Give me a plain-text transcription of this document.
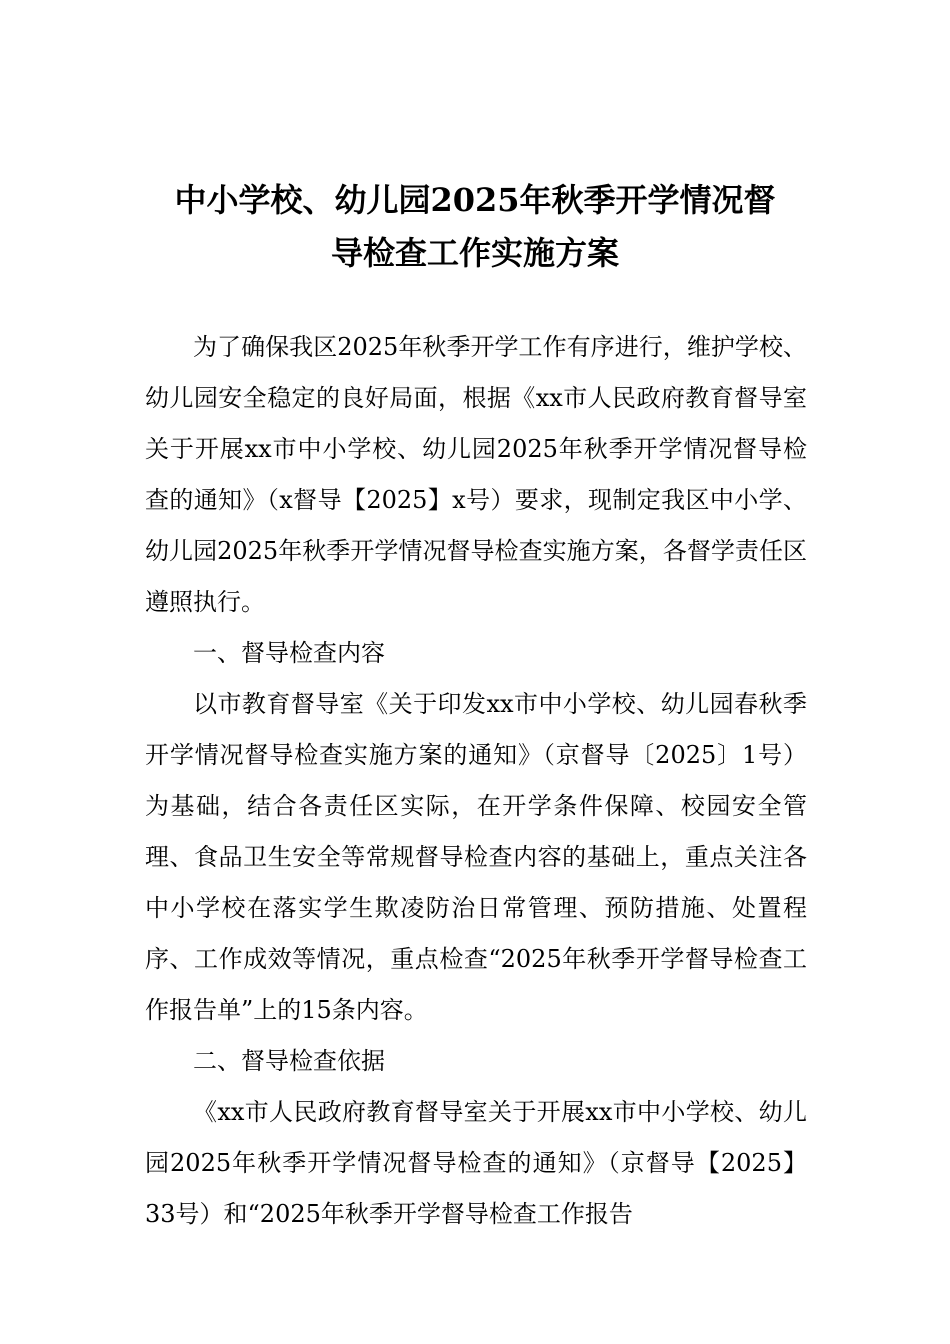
中小学校、幼儿园2025年秋季开学情况督
导检查工作实施方案

为了确保我区2025年秋季开学工作有序进行，维护学校、幼儿园安全稳定的良好局面，根据《xx市人民政府教育督导室关于开展xx市中小学校、幼儿园2025年秋季开学情况督导检查的通知》（x督导【2025】x号）要求，现制定我区中小学、幼儿园2025年秋季开学情况督导检查实施方案，各督学责任区遵照执行。

一、督导检查内容

以市教育督导室《关于印发xx市中小学校、幼儿园春秋季开学情况督导检查实施方案的通知》（京督导〔2025〕1号）为基础，结合各责任区实际，在开学条件保障、校园安全管理、食品卫生安全等常规督导检查内容的基础上，重点关注各中小学校在落实学生欺凌防治日常管理、预防措施、处置程序、工作成效等情况，重点检查“2025年秋季开学督导检查工作报告单”上的15条内容。

二、督导检查依据

《xx市人民政府教育督导室关于开展xx市中小学校、幼儿园2025年秋季开学情况督导检查的通知》（京督导【2025】33号）和“2025年秋季开学督导检查工作报告
